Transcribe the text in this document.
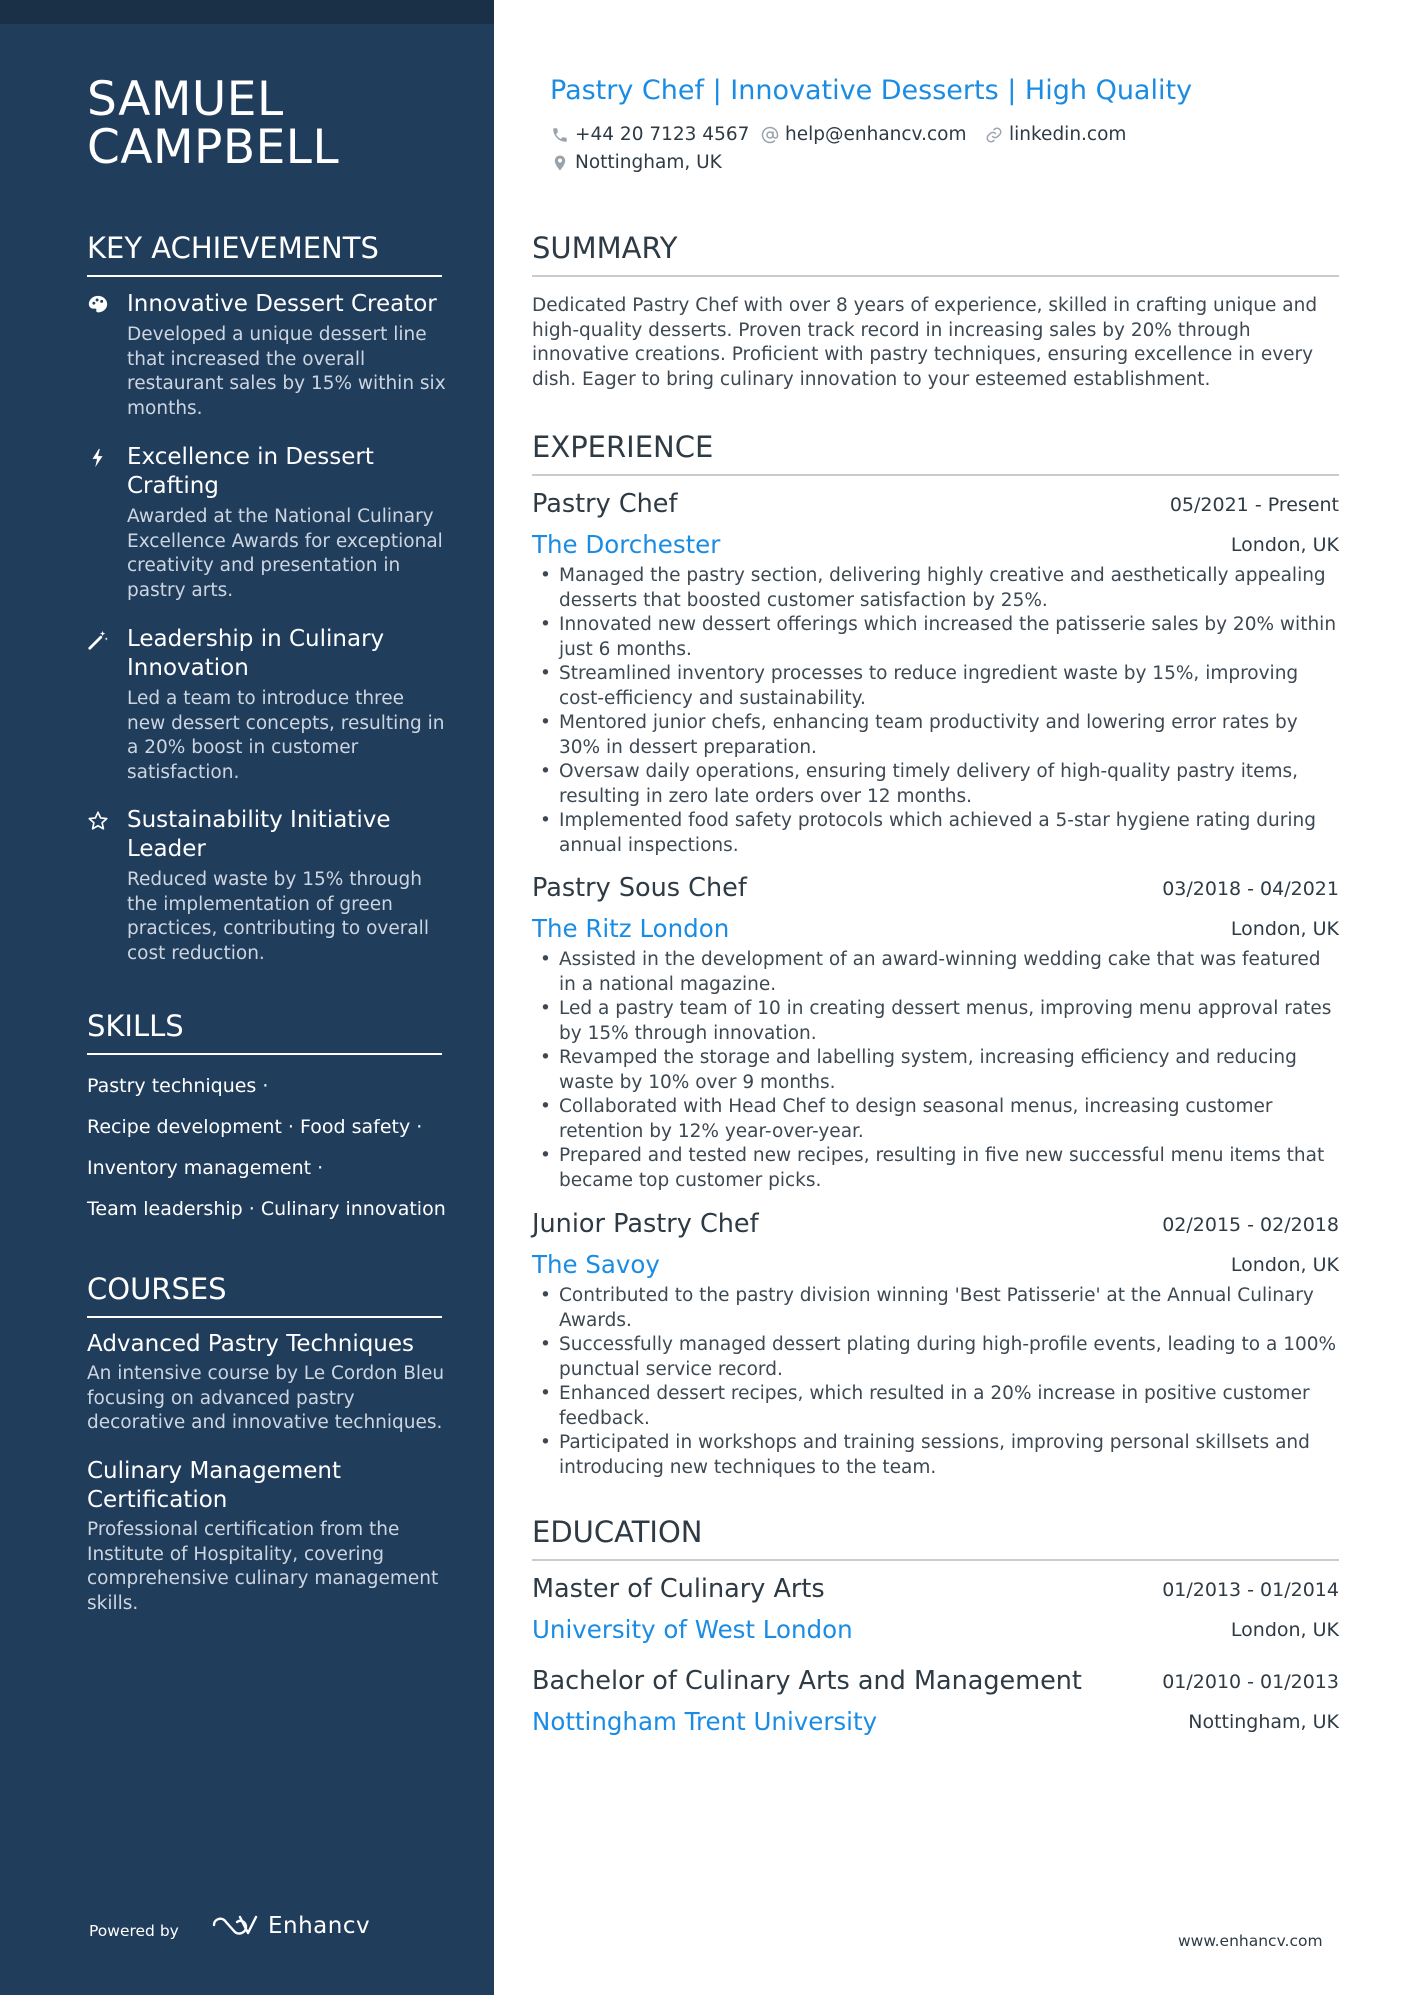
SAMUEL CAMPBELL
KEY ACHIEVEMENTS
Innovative Dessert Creator
Developed a unique dessert line that increased the overall restaurant sales by 15% within six months.
Excellence in Dessert Crafting
Awarded at the National Culinary Excellence Awards for exceptional creativity and presentation in pastry arts.
Leadership in Culinary Innovation
Led a team to introduce three new dessert concepts, resulting in a 20% boost in customer satisfaction.
Sustainability Initiative Leader
Reduced waste by 15% through the implementation of green practices, contributing to overall cost reduction.
SKILLS
Pastry techniques ·
Recipe development · Food safety ·
Inventory management ·
Team leadership · Culinary innovation
COURSES
Advanced Pastry Techniques
An intensive course by Le Cordon Bleu focusing on advanced pastry decorative and innovative techniques.
Culinary Management Certification
Professional certification from the Institute of Hospitality, covering comprehensive culinary management skills.
Powered by	Enhancv
Pastry Chef | Innovative Desserts | High Quality
+44 20 7123 4567 help@enhancv.com linkedin.com
Nottingham, UK
SUMMARY
Dedicated Pastry Chef with over 8 years of experience, skilled in crafting unique and high-quality desserts. Proven track record in increasing sales by 20% through innovative creations. Proficient with pastry techniques, ensuring excellence in every dish. Eager to bring culinary innovation to your esteemed establishment.
EXPERIENCE
Pastry Chef	05/2021 - Present
The Dorchester	London, UK
• Managed the pastry section, delivering highly creative and aesthetically appealing desserts that boosted customer satisfaction by 25%.
• Innovated new dessert offerings which increased the patisserie sales by 20% within just 6 months.
• Streamlined inventory processes to reduce ingredient waste by 15%, improving cost-efficiency and sustainability.
• Mentored junior chefs, enhancing team productivity and lowering error rates by 30% in dessert preparation.
• Oversaw daily operations, ensuring timely delivery of high-quality pastry items, resulting in zero late orders over 12 months.
• Implemented food safety protocols which achieved a 5-star hygiene rating during annual inspections.
Pastry Sous Chef	03/2018 - 04/2021
The Ritz London	London, UK
• Assisted in the development of an award-winning wedding cake that was featured in a national magazine.
• Led a pastry team of 10 in creating dessert menus, improving menu approval rates by 15% through innovation.
• Revamped the storage and labelling system, increasing efficiency and reducing waste by 10% over 9 months.
• Collaborated with Head Chef to design seasonal menus, increasing customer retention by 12% year-over-year.
• Prepared and tested new recipes, resulting in five new successful menu items that became top customer picks.
Junior Pastry Chef	02/2015 - 02/2018
The Savoy	London, UK
• Contributed to the pastry division winning 'Best Patisserie' at the Annual Culinary Awards.
• Successfully managed dessert plating during high-profile events, leading to a 100% punctual service record.
• Enhanced dessert recipes, which resulted in a 20% increase in positive customer feedback.
• Participated in workshops and training sessions, improving personal skillsets and introducing new techniques to the team.
EDUCATION
Master of Culinary Arts	01/2013 - 01/2014
University of West London	London, UK
Bachelor of Culinary Arts and Management	01/2010 - 01/2013
Nottingham Trent University	Nottingham, UK
www.enhancv.com
